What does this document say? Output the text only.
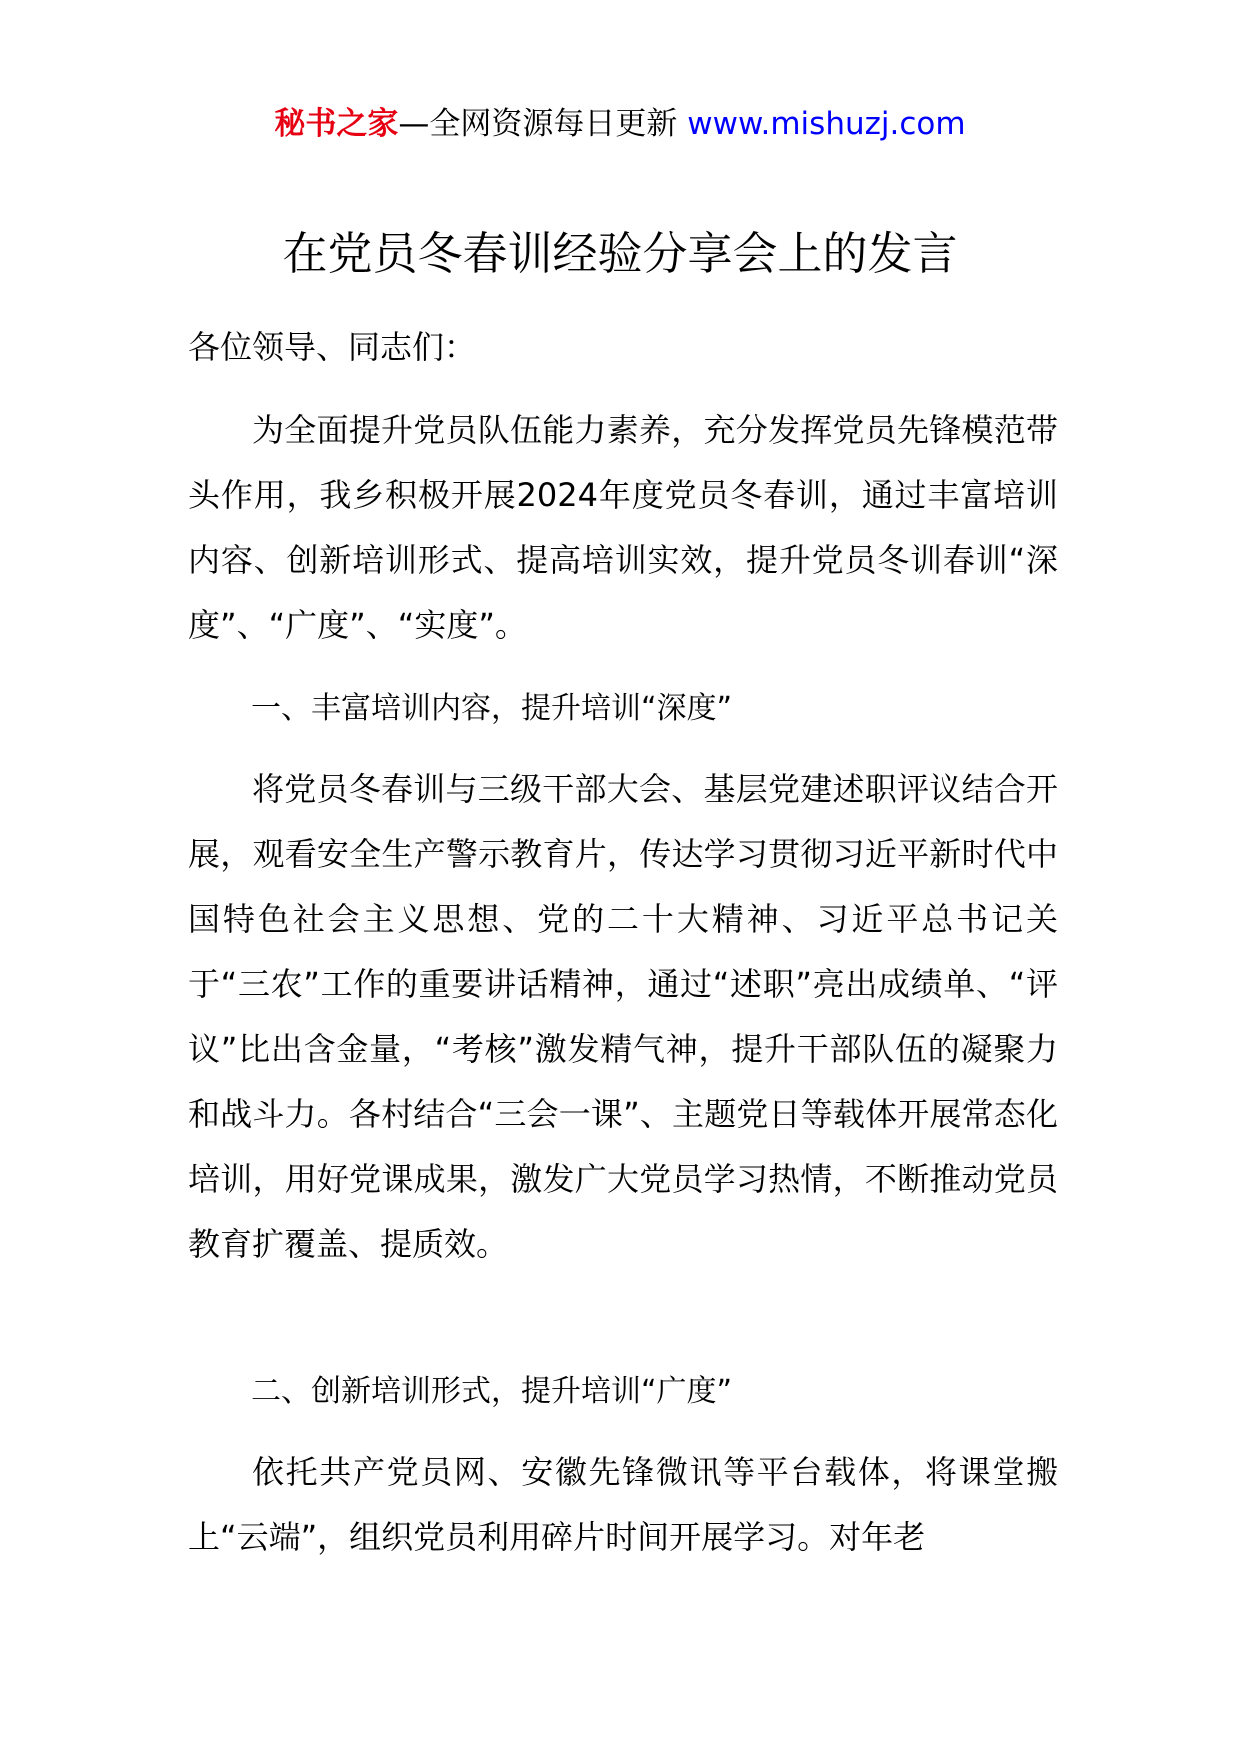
秘书之家—全网资源每日更新 www.mishuzj.com
在党员冬春训经验分享会上的发言
各位领导、同志们：

为全面提升党员队伍能力素养，充分发挥党员先锋模范带头作用，我乡积极开展2024年度党员冬春训，通过丰富培训内容、创新培训形式、提高培训实效，提升党员冬训春训“深度”、“广度”、“实度”。

一、丰富培训内容，提升培训“深度”

将党员冬春训与三级干部大会、基层党建述职评议结合开展，观看安全生产警示教育片，传达学习贯彻习近平新时代中国特色社会主义思想、党的二十大精神、习近平总书记关于“三农”工作的重要讲话精神，通过“述职”亮出成绩单、“评议”比出含金量，“考核”激发精气神，提升干部队伍的凝聚力和战斗力。各村结合“三会一课”、主题党日等载体开展常态化培训，用好党课成果，激发广大党员学习热情，不断推动党员教育扩覆盖、提质效。

二、创新培训形式，提升培训“广度”

依托共产党员网、安徽先锋微讯等平台载体，将课堂搬上“云端”，组织党员利用碎片时间开展学习。对年老
